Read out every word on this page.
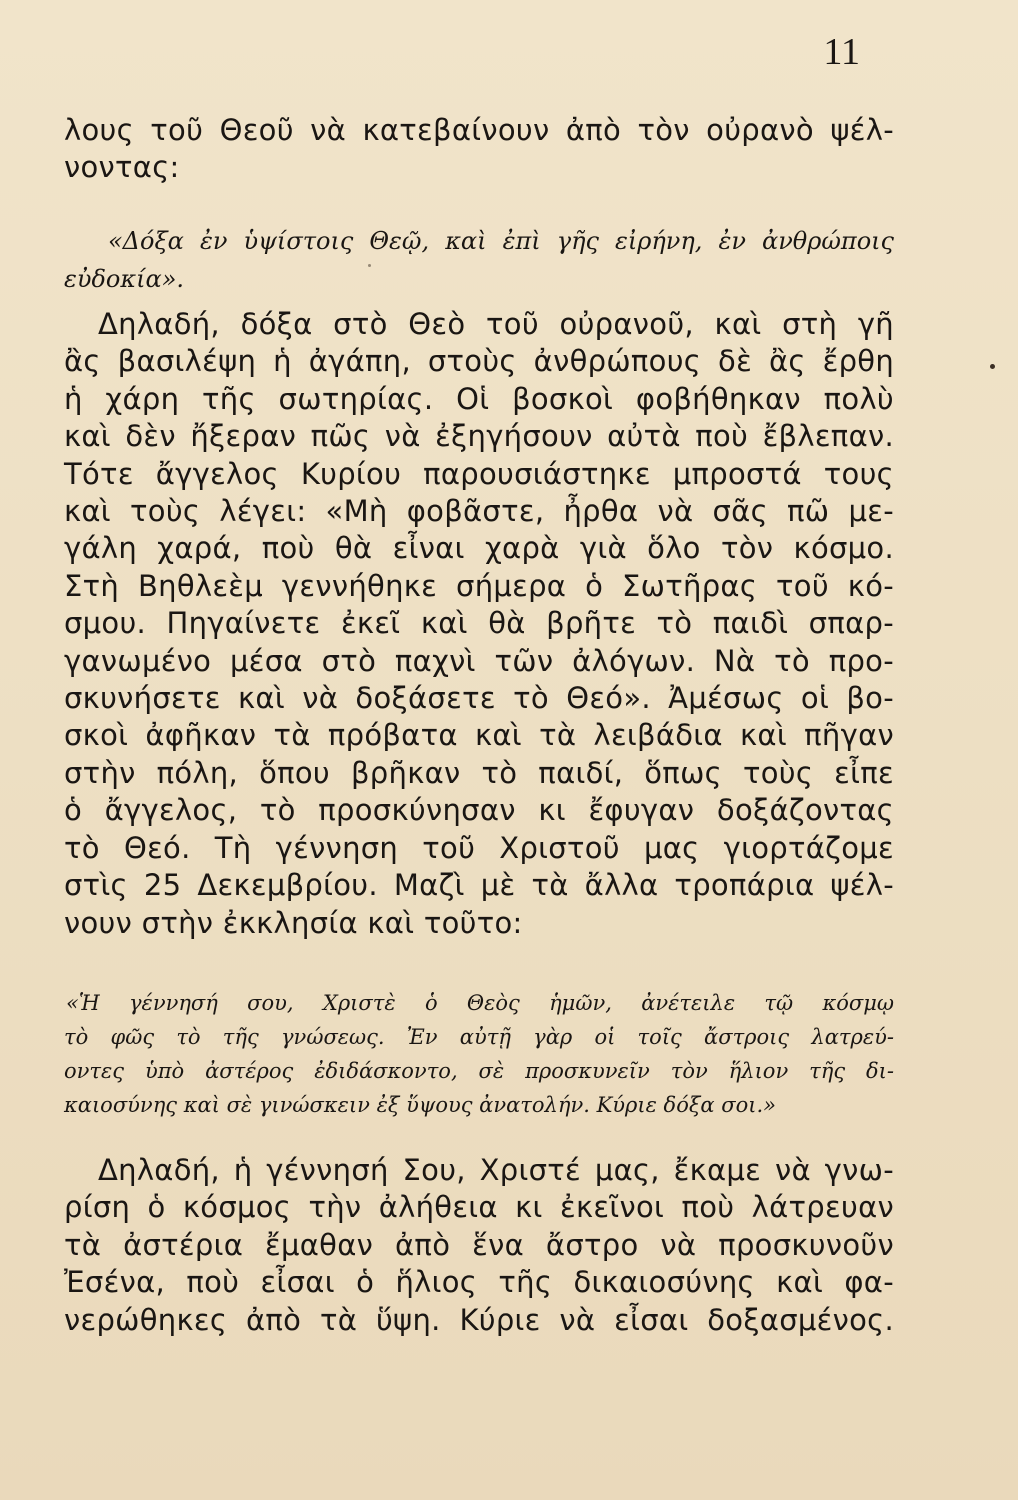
11
λους τοῦ Θεοῦ νὰ κατεβαίνουν ἀπὸ τὸν οὐρανὸ ψέλ-
νοντας:
«Δόξα ἐν ὑψίστοις Θεῷ, καὶ ἐπὶ γῆς εἰρήνη, ἐν ἀνθρώποις
εὐδοκία».
Δηλαδή, δόξα στὸ Θεὸ τοῦ οὐρανοῦ, καὶ στὴ γῆ
ἂς βασιλέψη ἡ ἀγάπη, στοὺς ἀνθρώπους δὲ ἂς ἔρθη
ἡ χάρη τῆς σωτηρίας. Οἱ βοσκοὶ φοβήθηκαν πολὺ
καὶ δὲν ἤξεραν πῶς νὰ ἐξηγήσουν αὐτὰ ποὺ ἔβλεπαν.
Τότε ἄγγελος Κυρίου παρουσιάστηκε μπροστά τους
καὶ τοὺς λέγει: «Μὴ φοβᾶστε, ἦρθα νὰ σᾶς πῶ με-
γάλη χαρά, ποὺ θὰ εἶναι χαρὰ γιὰ ὅλο τὸν κόσμο.
Στὴ Βηθλεὲμ γεννήθηκε σήμερα ὁ Σωτῆρας τοῦ κό-
σμου. Πηγαίνετε ἐκεῖ καὶ θὰ βρῆτε τὸ παιδὶ σπαρ-
γανωμένο μέσα στὸ παχνὶ τῶν ἀλόγων. Νὰ τὸ προ-
σκυνήσετε καὶ νὰ δοξάσετε τὸ Θεό». Ἀμέσως οἱ βο-
σκοὶ ἀφῆκαν τὰ πρόβατα καὶ τὰ λειβάδια καὶ πῆγαν
στὴν πόλη, ὅπου βρῆκαν τὸ παιδί, ὅπως τοὺς εἶπε
ὁ ἄγγελος, τὸ προσκύνησαν κι ἔφυγαν δοξάζοντας
τὸ Θεό. Τὴ γέννηση τοῦ Χριστοῦ μας γιορτάζομε
στὶς 25 Δεκεμβρίου. Μαζὶ μὲ τὰ ἄλλα τροπάρια ψέλ-
νουν στὴν ἐκκλησία καὶ τοῦτο:
«Ἡ γέννησή σου, Χριστὲ ὁ Θεὸς ἡμῶν, ἀνέτειλε τῷ κόσμῳ
τὸ φῶς τὸ τῆς γνώσεως. Ἐν αὐτῇ γὰρ οἱ τοῖς ἄστροις λατρεύ-
οντες ὑπὸ ἀστέρος ἐδιδάσκοντο, σὲ προσκυνεῖν τὸν ἥλιον τῆς δι-
καιοσύνης καὶ σὲ γινώσκειν ἐξ ὕψους ἀνατολήν. Κύριε δόξα σοι.»
Δηλαδή, ἡ γέννησή Σου, Χριστέ μας, ἔκαμε νὰ γνω-
ρίση ὁ κόσμος τὴν ἀλήθεια κι ἐκεῖνοι ποὺ λάτρευαν
τὰ ἀστέρια ἔμαθαν ἀπὸ ἕνα ἄστρο νὰ προσκυνοῦν
Ἐσένα, ποὺ εἶσαι ὁ ἥλιος τῆς δικαιοσύνης καὶ φα-
νερώθηκες ἀπὸ τὰ ὕψη. Κύριε νὰ εἶσαι δοξασμένος.
